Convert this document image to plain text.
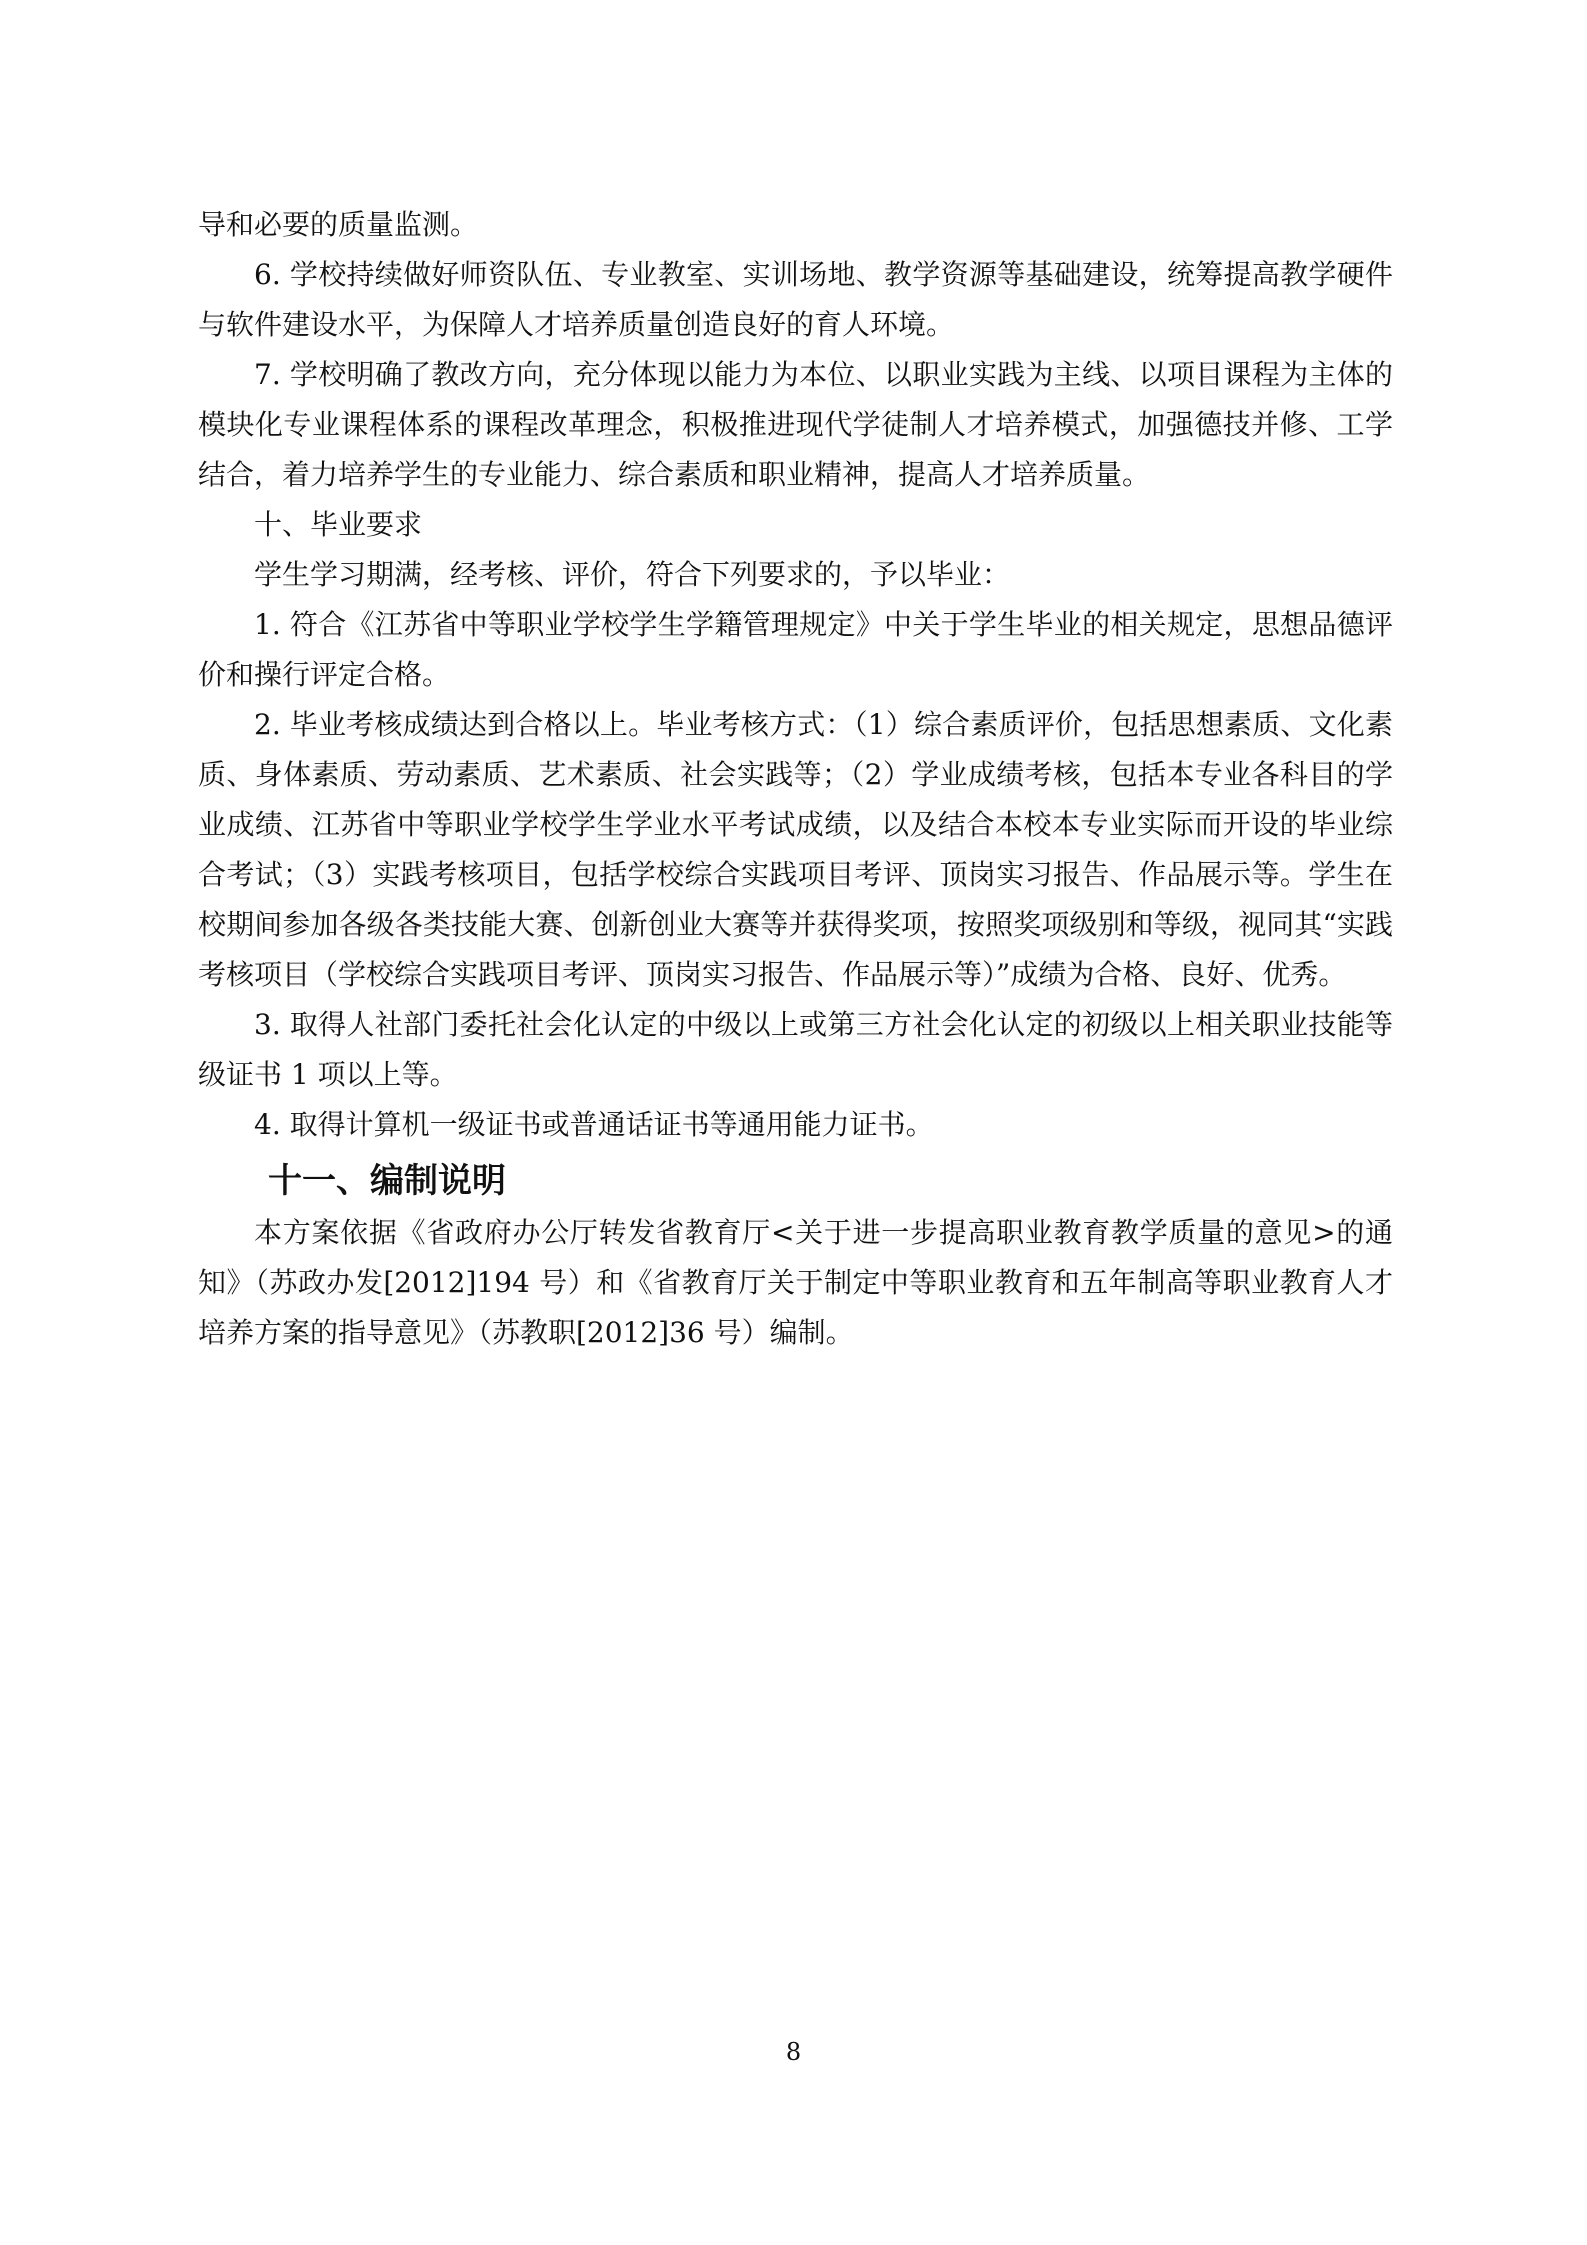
导和必要的质量监测。

6. 学校持续做好师资队伍、专业教室、实训场地、教学资源等基础建设，统筹提高教学硬件与软件建设水平，为保障人才培养质量创造良好的育人环境。

7. 学校明确了教改方向，充分体现以能力为本位、以职业实践为主线、以项目课程为主体的模块化专业课程体系的课程改革理念，积极推进现代学徒制人才培养模式，加强德技并修、工学结合，着力培养学生的专业能力、综合素质和职业精神，提高人才培养质量。

十、毕业要求

学生学习期满，经考核、评价，符合下列要求的，予以毕业：

1. 符合《江苏省中等职业学校学生学籍管理规定》中关于学生毕业的相关规定，思想品德评价和操行评定合格。

2. 毕业考核成绩达到合格以上。毕业考核方式：（1）综合素质评价，包括思想素质、文化素质、身体素质、劳动素质、艺术素质、社会实践等；（2）学业成绩考核，包括本专业各科目的学业成绩、江苏省中等职业学校学生学业水平考试成绩，以及结合本校本专业实际而开设的毕业综合考试；（3）实践考核项目，包括学校综合实践项目考评、顶岗实习报告、作品展示等。学生在校期间参加各级各类技能大赛、创新创业大赛等并获得奖项，按照奖项级别和等级，视同其“实践考核项目（学校综合实践项目考评、顶岗实习报告、作品展示等）”成绩为合格、良好、优秀。

3. 取得人社部门委托社会化认定的中级以上或第三方社会化认定的初级以上相关职业技能等级证书 1 项以上等。

4. 取得计算机一级证书或普通话证书等通用能力证书。

十一、编制说明

本方案依据《省政府办公厅转发省教育厅<关于进一步提高职业教育教学质量的意见>的通知》（苏政办发[2012]194 号）和《省教育厅关于制定中等职业教育和五年制高等职业教育人才培养方案的指导意见》（苏教职[2012]36 号）编制。

8
